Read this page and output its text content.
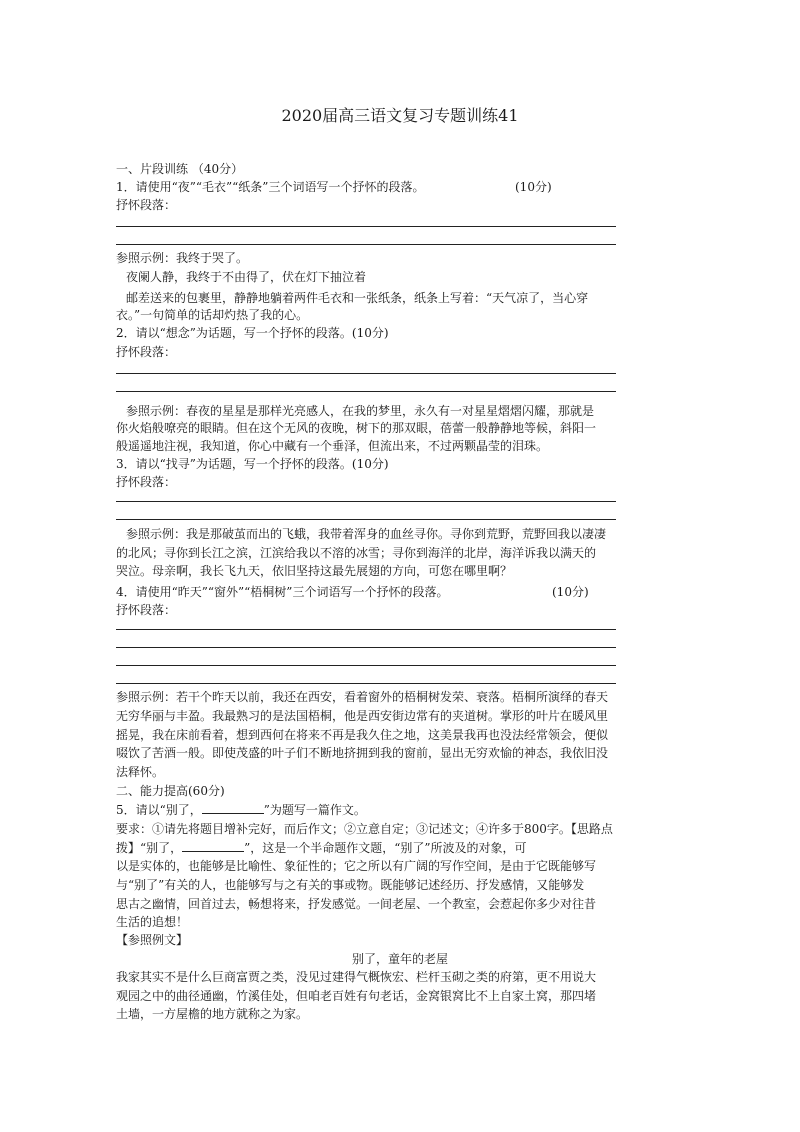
2020届高三语文复习专题训练41
一、片段训练 （40分）
1．请使用“夜”“毛衣”“纸条”三个词语写一个抒怀的段落。	(10分)
抒怀段落：
参照示例：我终于哭了。
夜阑人静，我终于不由得了，伏在灯下抽泣着
邮差送来的包裹里，静静地躺着两件毛衣和一张纸条，纸条上写着：“天气凉了，当心穿
衣。”一句简单的话却灼热了我的心。
2．请以“想念”为话题，写一个抒怀的段落。(10分)
抒怀段落：
参照示例：春夜的星星是那样光亮感人，在我的梦里，永久有一对星星熠熠闪耀，那就是
你火焰般嘹亮的眼睛。但在这个无风的夜晚，树下的那双眼，蓓蕾一般静静地等候，斜阳一
般遥遥地注视，我知道，你心中藏有一个垂泽，但流出来，不过两颗晶莹的泪珠。
3．请以“找寻”为话题，写一个抒怀的段落。(10分)
抒怀段落：
参照示例：我是那破茧而出的飞蛾，我带着浑身的血丝寻你。寻你到荒野，荒野回我以凄凄
的北风；寻你到长江之滨，江滨给我以不溶的冰雪；寻你到海洋的北岸，海洋诉我以满天的
哭泣。母亲啊，我长飞九天，依旧坚持这最先展翅的方向，可您在哪里啊？
4．请使用“昨天”“窗外”“梧桐树”三个词语写一个抒怀的段落。	(10分)
抒怀段落：
参照示例：若干个昨天以前，我还在西安，看着窗外的梧桐树发荣、衰落。梧桐所演绎的春天
无穷华丽与丰盈。我最熟习的是法国梧桐，他是西安街边常有的夹道树。掌形的叶片在暖风里
摇晃，我在床前看着，想到西何在将来不再是我久住之地，这美景我再也没法经常领会，便似
啜饮了苦酒一般。即使茂盛的叶子们不断地挤拥到我的窗前，显出无穷欢愉的神态，我依旧没
法释怀。
二、能力提高(60分)
5．请以“别了，	”为题写一篇作文。
要求：①请先将题目增补完好，而后作文；②立意自定；③记述文；④许多于800字。【思路点
拨】“别了，	”，这是一个半命题作文题，“别了”所波及的对象，可
以是实体的，也能够是比喻性、象征性的；它之所以有广阔的写作空间，是由于它既能够写
与“别了”有关的人，也能够写与之有关的事或物。既能够记述经历、抒发感情，又能够发
思古之幽情，回首过去，畅想将来，抒发感觉。一间老屋、一个教室，会惹起你多少对往昔
生活的追想！
【参照例文】
别了，童年的老屋
我家其实不是什么巨商富贾之类，没见过建得气概恢宏、栏杆玉砌之类的府第，更不用说大
观园之中的曲径通幽，竹溪佳处，但咱老百姓有句老话，金窝银窝比不上自家土窝，那四堵
土墙，一方屋檐的地方就称之为家。
